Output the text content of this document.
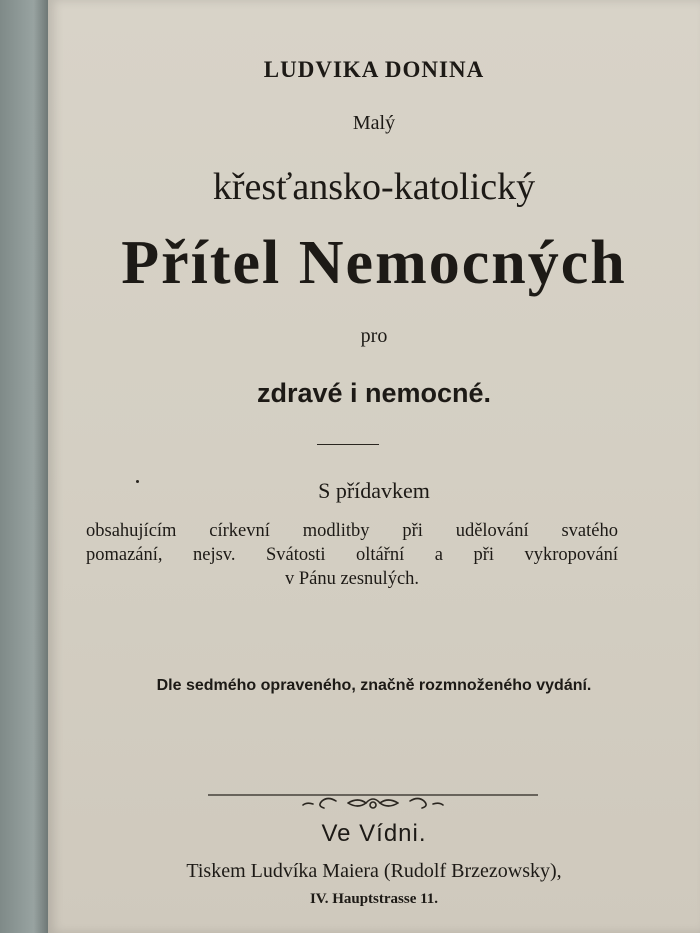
LUDVIKA DONINA
Malý
křesťansko-katolický
Přítel Nemocných
pro
zdravé i nemocné.
S přídavkem
obsahujícím církevní modlitby při udělování svatého
pomazání, nejsv. Svátosti oltářní a při vykropování
v Pánu zesnulých.
Dle sedmého opraveného, značně rozmnoženého vydání.
Ve Vídni.
Tiskem Ludvíka Maiera (Rudolf Brzezowsky),
IV. Hauptstrasse 11.
